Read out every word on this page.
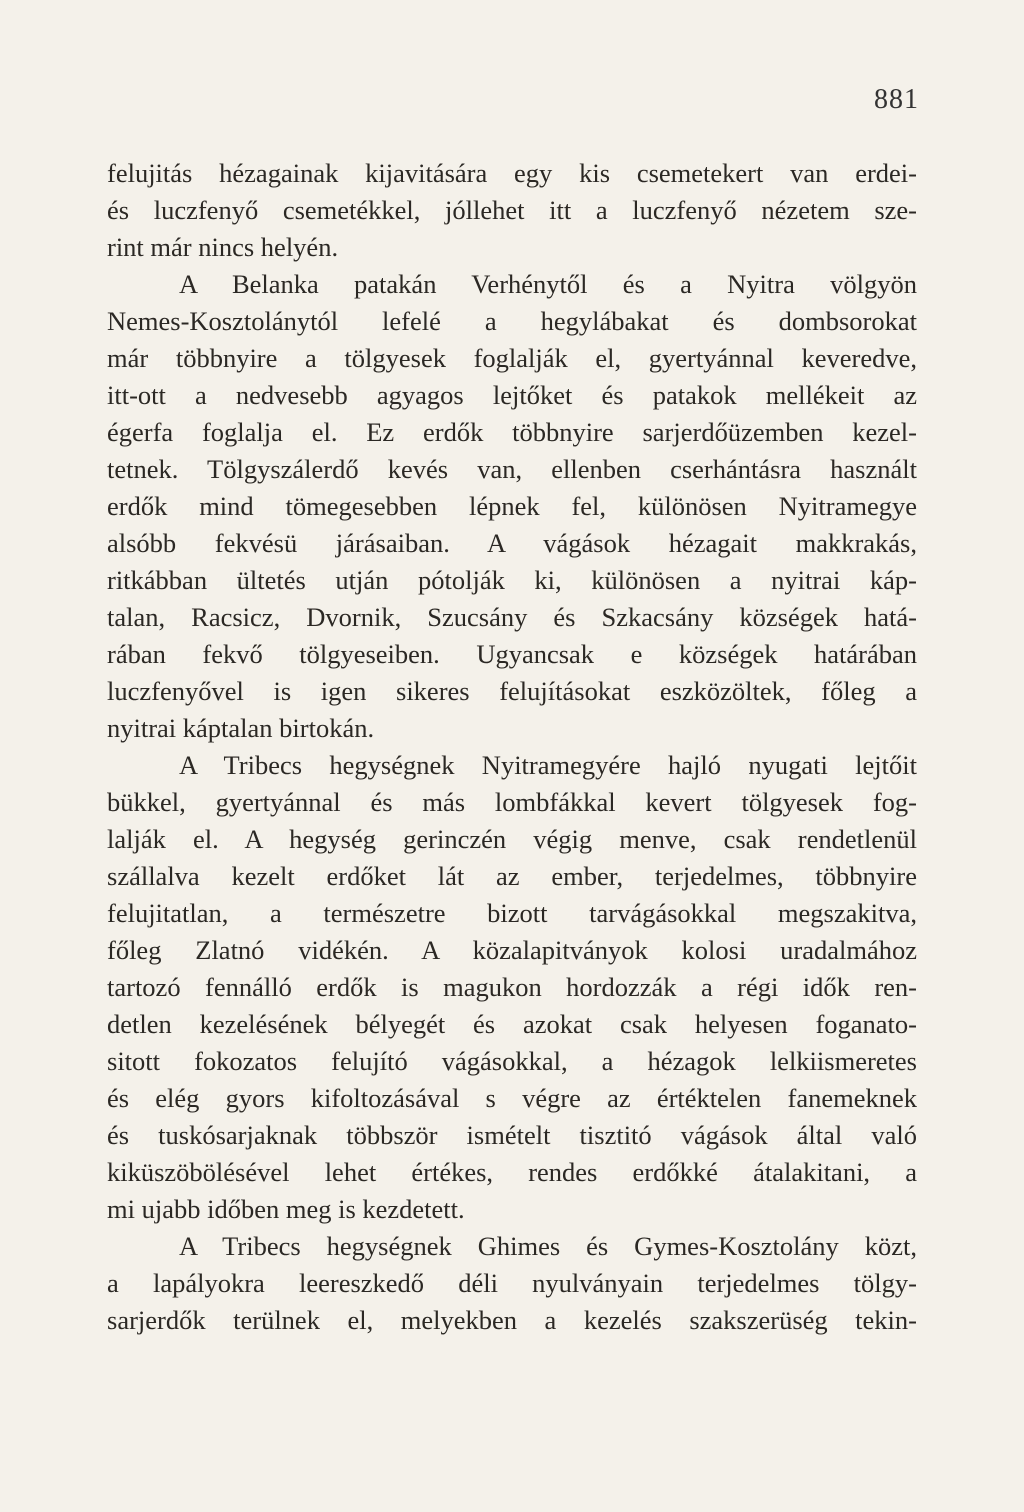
881
felujitás hézagainak kijavitására egy kis csemetekert van erdei-
és luczfenyő csemetékkel, jóllehet itt a luczfenyő nézetem sze-
rint már nincs helyén.
A Belanka patakán Verhénytől és a Nyitra völgyön
Nemes-Kosztolánytól lefelé a hegylábakat és dombsorokat
már többnyire a tölgyesek foglalják el, gyertyánnal keveredve,
itt-ott a nedvesebb agyagos lejtőket és patakok mellékeit az
égerfa foglalja el. Ez erdők többnyire sarjerdőüzemben kezel-
tetnek. Tölgyszálerdő kevés van, ellenben cserhántásra használt
erdők mind tömegesebben lépnek fel, különösen Nyitramegye
alsóbb fekvésü járásaiban. A vágások hézagait makkrakás,
ritkábban ültetés utján pótolják ki, különösen a nyitrai káp-
talan, Racsicz, Dvornik, Szucsány és Szkacsány községek hatá-
rában fekvő tölgyeseiben. Ugyancsak e községek határában
luczfenyővel is igen sikeres felujításokat eszközöltek, főleg a
nyitrai káptalan birtokán.
A Tribecs hegységnek Nyitramegyére hajló nyugati lejtőit
bükkel, gyertyánnal és más lombfákkal kevert tölgyesek fog-
lalják el. A hegység gerinczén végig menve, csak rendetlenül
szállalva kezelt erdőket lát az ember, terjedelmes, többnyire
felujitatlan, a természetre bizott tarvágásokkal megszakitva,
főleg Zlatnó vidékén. A közalapitványok kolosi uradalmához
tartozó fennálló erdők is magukon hordozzák a régi idők ren-
detlen kezelésének bélyegét és azokat csak helyesen foganato-
sitott fokozatos felujító vágásokkal, a hézagok lelkiismeretes
és elég gyors kifoltozásával s végre az értéktelen fanemeknek
és tuskósarjaknak többször ismételt tisztitó vágások által való
kiküszöbölésével lehet értékes, rendes erdőkké átalakitani, a
mi ujabb időben meg is kezdetett.
A Tribecs hegységnek Ghimes és Gymes-Kosztolány közt,
a lapályokra leereszkedő déli nyulványain terjedelmes tölgy-
sarjerdők terülnek el, melyekben a kezelés szakszerüség tekin-
